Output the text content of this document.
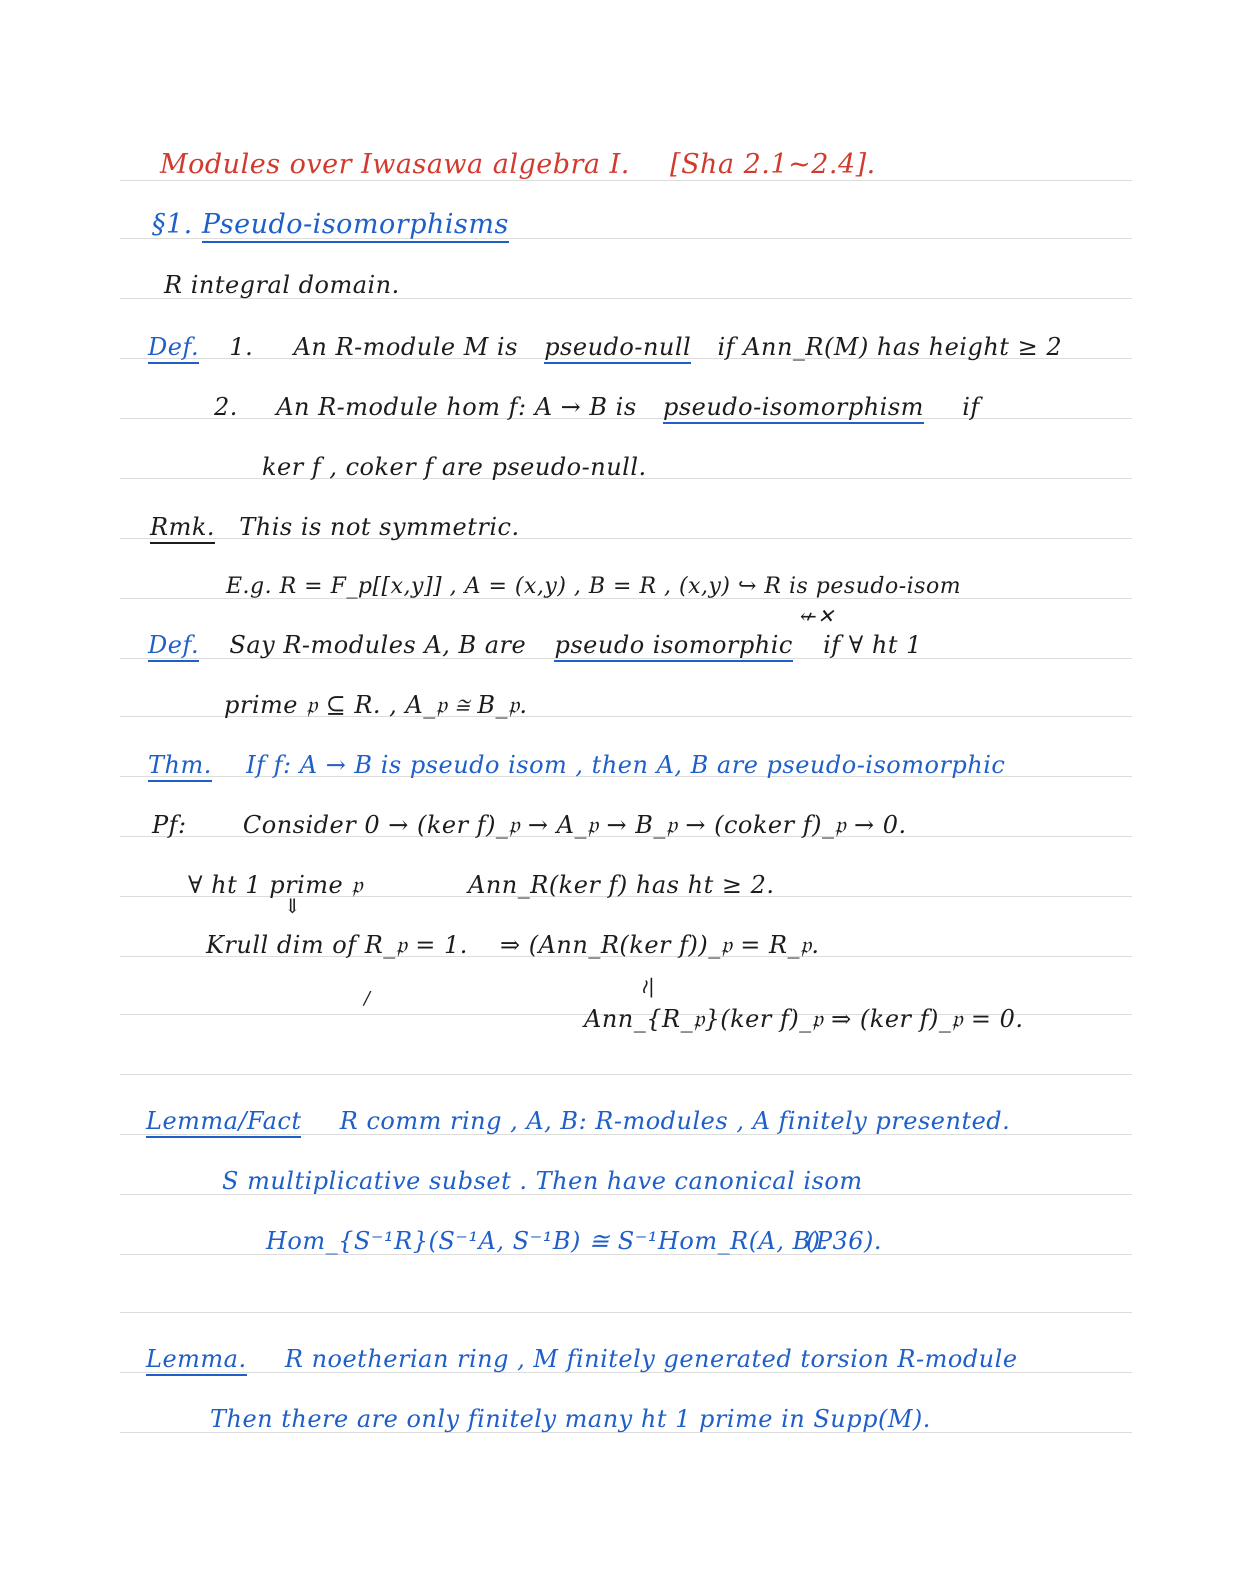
Modules over Iwasawa algebra I. [Sha 2.1~2.4].
§1. Pseudo-isomorphisms
R integral domain.
Def. 1. An R-module M is pseudo-null if Ann_R(M) has height ≥ 2
2. An R-module hom f: A → B is pseudo-isomorphism if
ker f , coker f are pseudo-null.
Rmk. This is not symmetric.
↚✕
E.g. R = F_p[[x,y]] , A = (x,y) , B = R , (x,y) ↪ R is pesudo-isom
Def. Say R-modules A, B are pseudo isomorphic if ∀ ht 1
prime 𝔭 ⊆ R. , A_𝔭 ≅ B_𝔭.
Thm. If f: A → B is pseudo isom , then A, B are pseudo-isomorphic
Pf: Consider 0 → (ker f)_𝔭 → A_𝔭 → B_𝔭 → (coker f)_𝔭 → 0.
∀ ht 1 prime 𝔭	Ann_R(ker f) has ht ≥ 2.
⇓
Krull dim of R_𝔭 = 1. ⇒ (Ann_R(ker f))_𝔭 = R_𝔭.
/
≀|
Ann_{R_𝔭}(ker f)_𝔭 ⇒ (ker f)_𝔭 = 0.
Lemma/Fact R comm ring , A, B: R-modules , A finitely presented.
S multiplicative subset . Then have canonical isom
Hom_{S⁻¹R}(S⁻¹A, S⁻¹B) ≅ S⁻¹Hom_R(A, B).
(P36).
Lemma. R noetherian ring , M finitely generated torsion R-module
Then there are only finitely many ht 1 prime in Supp(M).
